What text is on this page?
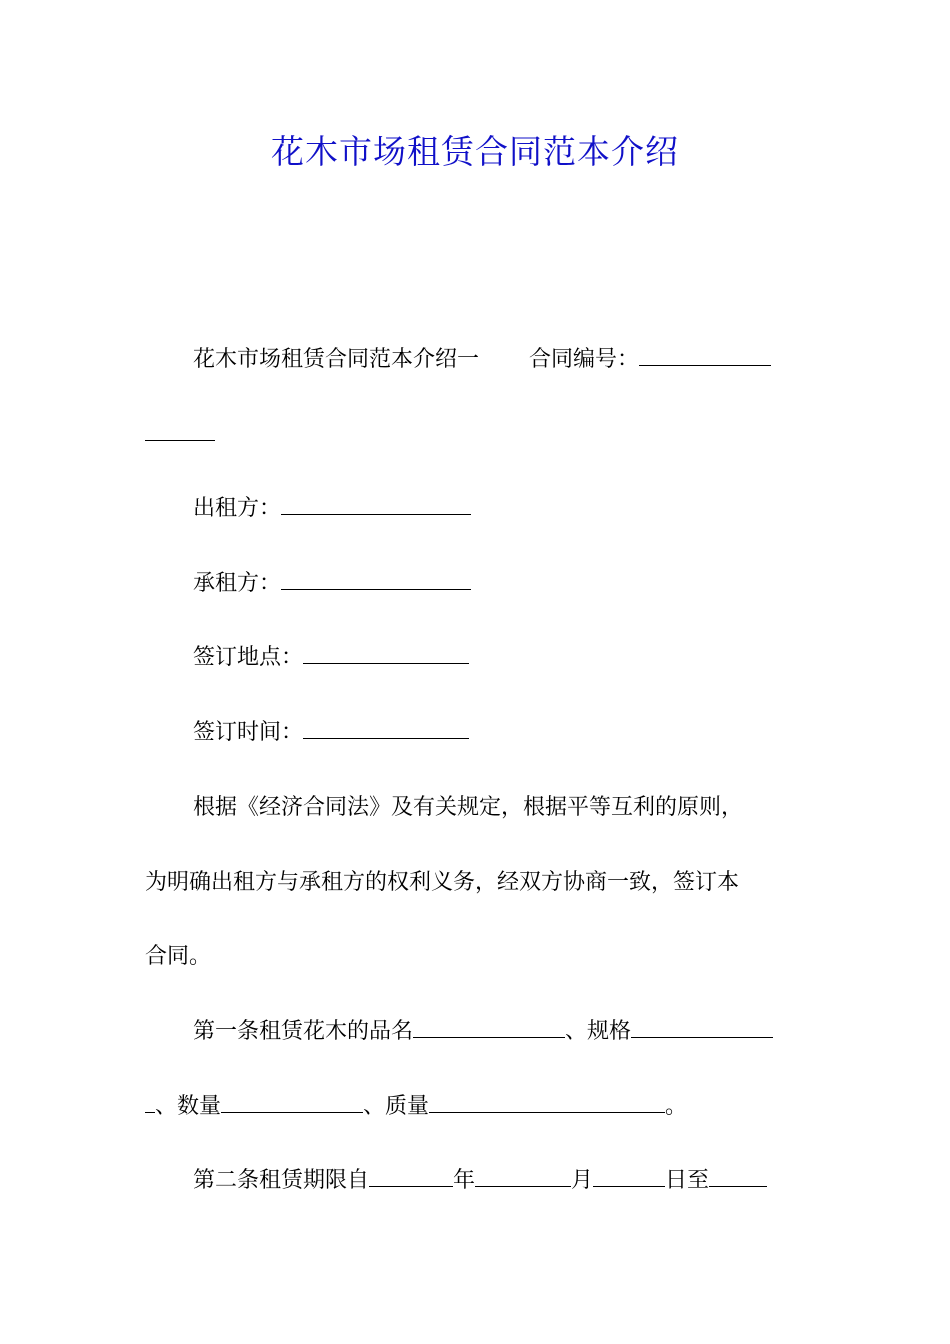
花木市场租赁合同范本介绍
花木市场租赁合同范本介绍一 合同编号：
出租方：
承租方：
签订地点：
签订时间：
根据《经济合同法》及有关规定，根据平等互利的原则，
为明确出租方与承租方的权利义务，经双方协商一致，签订本
合同。
第一条租赁花木的品名	、规格
、数量	、质量	。
第二条租赁期限自	年	月	日至
